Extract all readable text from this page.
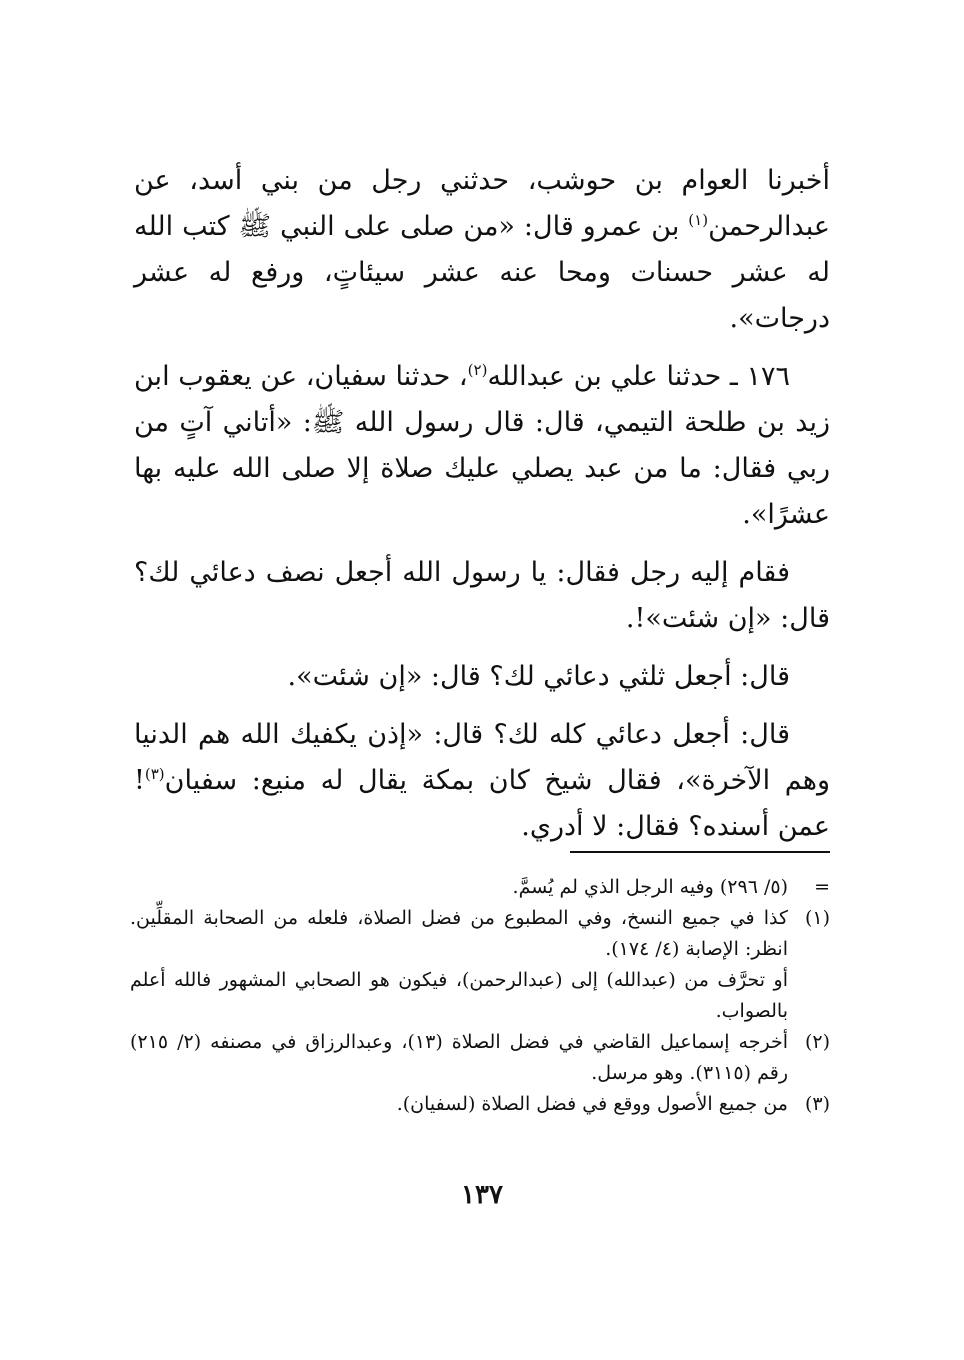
أخبرنا العوام بن حوشب، حدثني رجل من بني أسد، عن عبدالرحمن$^{(١)}$ بن عمرو قال: «من صلى على النبي ﷺ كتب الله له عشر حسنات ومحا عنه عشر سيئاتٍ، ورفع له عشر درجات».

١٧٦ ـ حدثنا علي بن عبدالله$^{(٢)}$، حدثنا سفيان، عن يعقوب ابن زيد بن طلحة التيمي، قال: قال رسول الله ﷺ: «أتاني آتٍ من ربي فقال: ما من عبد يصلي عليك صلاة إلا صلى الله عليه بها عشرًا».

فقام إليه رجل فقال: يا رسول الله أجعل نصف دعائي لك؟ قال: «إن شئت»!.

قال: أجعل ثلثي دعائي لك؟ قال: «إن شئت».

قال: أجعل دعائي كله لك؟ قال: «إذن يكفيك الله هم الدنيا وهم الآخرة»، فقال شيخ كان بمكة يقال له منيع: سفيان$^{(٣)}$! عمن أسنده؟ فقال: لا أدري.

=
(٥/ ٢٩٦) وفيه الرجل الذي لم يُسمَّ.
(١)
كذا في جميع النسخ، وفي المطبوع من فضل الصلاة، فلعله من الصحابة المقلِّين. انظر: الإصابة (٤/ ١٧٤).

أو تحرَّف من (عبدالله) إلى (عبدالرحمن)، فيكون هو الصحابي المشهور فالله أعلم بالصواب.

(٢)
أخرجه إسماعيل القاضي في فضل الصلاة (١٣)، وعبدالرزاق في مصنفه (٢/ ٢١٥) رقم (٣١١٥). وهو مرسل.
(٣)
من جميع الأصول ووقع في فضل الصلاة (لسفيان).
١٣٧
